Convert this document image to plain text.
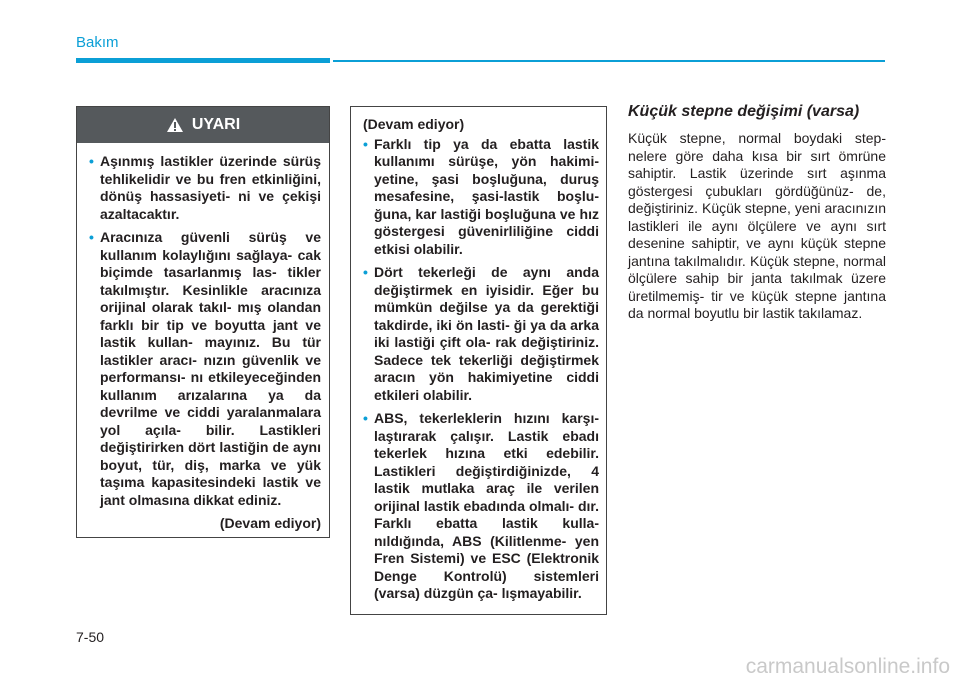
Bakım
UYARI
• Aşınmış lastikler üzerinde sürüş tehlikelidir ve bu fren etkinliğini, dönüş hassasiyeti- ni ve çekişi azaltacaktır.
• Aracınıza güvenli sürüş ve kullanım kolaylığını sağlaya- cak biçimde tasarlanmış las- tikler takılmıştır. Kesinlikle aracınıza orijinal olarak takıl- mış olandan farklı bir tip ve boyutta jant ve lastik kullan- mayınız. Bu tür lastikler aracı- nızın güvenlik ve performansı- nı etkileyeceğinden kullanım arızalarına ya da devrilme ve ciddi yaralanmalara yol açıla- bilir. Lastikleri değiştirirken dört lastiğin de aynı boyut, tür, diş, marka ve yük taşıma kapasitesindeki lastik ve jant olmasına dikkat ediniz.
(Devam ediyor)
(Devam ediyor)
• Farklı tip ya da ebatta lastik kullanımı sürüşe, yön hakimi- yetine, şasi boşluğuna, duruş mesafesine, şasi-lastik boşlu- ğuna, kar lastiği boşluğuna ve hız göstergesi güvenirliliğine ciddi etkisi olabilir.
• Dört tekerleği de aynı anda değiştirmek en iyisidir. Eğer bu mümkün değilse ya da gerektiği takdirde, iki ön lasti- ği ya da arka iki lastiği çift ola- rak değiştiriniz. Sadece tek tekerliği değiştirmek aracın yön hakimiyetine ciddi etkileri olabilir.
• ABS, tekerleklerin hızını karşı- laştırarak çalışır. Lastik ebadı tekerlek hızına etki edebilir. Lastikleri değiştirdiğinizde, 4 lastik mutlaka araç ile verilen orijinal lastik ebadında olmalı- dır. Farklı ebatta lastik kulla- nıldığında, ABS (Kilitlenme- yen Fren Sistemi) ve ESC (Elektronik Denge Kontrolü) sistemleri (varsa) düzgün ça- lışmayabilir.
Küçük stepne değişimi (varsa)

Küçük stepne, normal boydaki step- nelere göre daha kısa bir sırt ömrüne sahiptir. Lastik üzerinde sırt aşınma göstergesi çubukları gördüğünüz- de, değiştiriniz. Küçük stepne, yeni aracınızın lastikleri ile aynı ölçülere ve aynı sırt desenine sahiptir, ve aynı küçük stepne jantına takılmalıdır. Küçük stepne, normal ölçülere sahip bir janta takılmak üzere üretilmemiş- tir ve küçük stepne jantına da normal boyutlu bir lastik takılamaz.

7-50
carmanualsonline.info
